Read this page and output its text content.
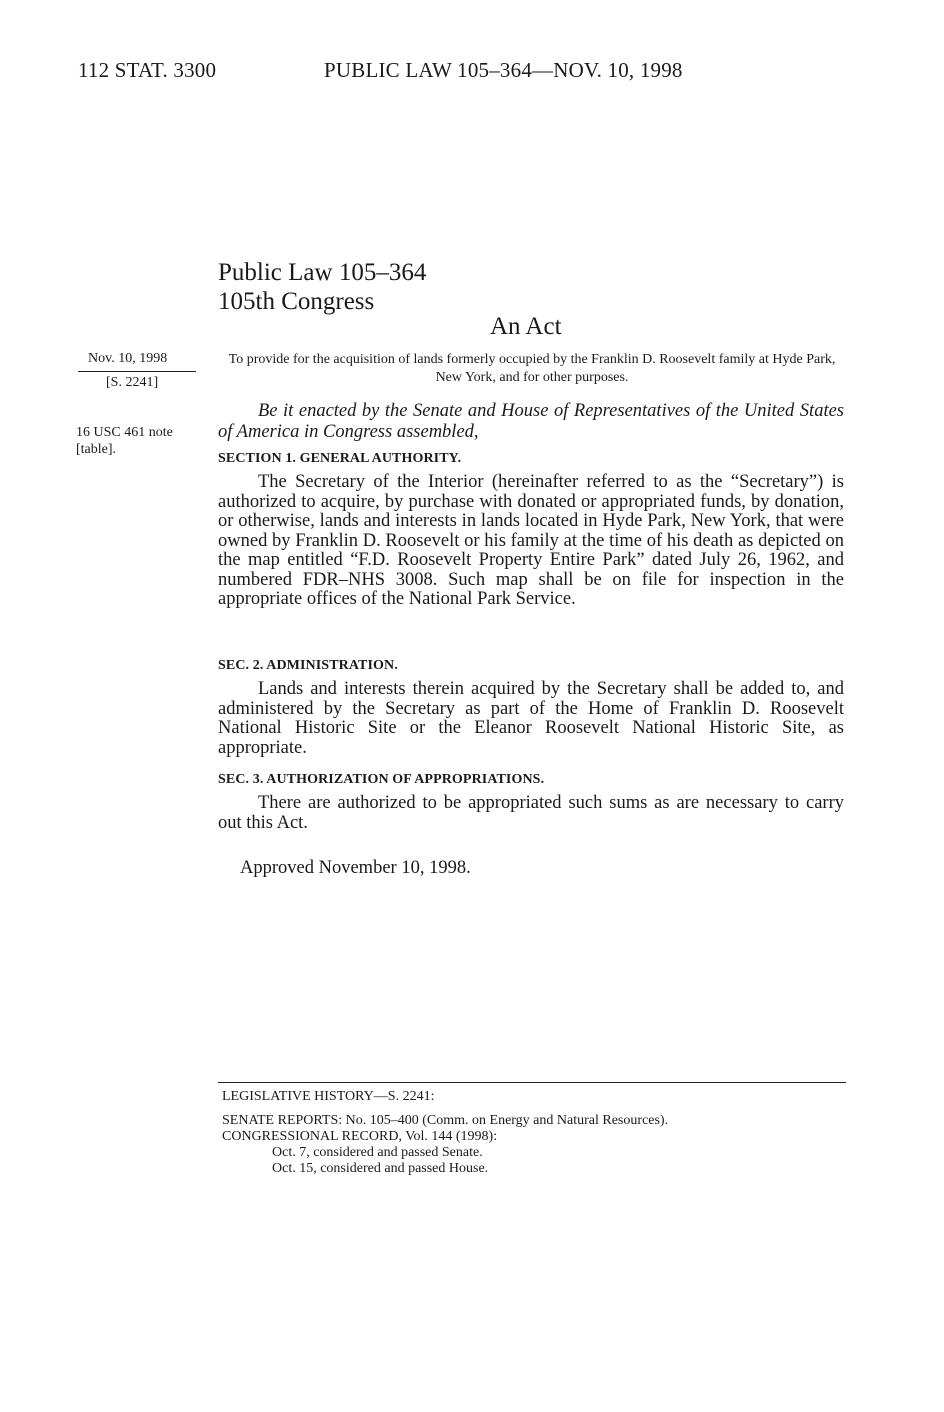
112 STAT. 3300	PUBLIC LAW 105–364—NOV. 10, 1998
Public Law 105–364
105th Congress
An Act
Nov. 10, 1998
[S. 2241]
16 USC 461 note
[table].
To provide for the acquisition of lands formerly occupied by the Franklin D. Roosevelt family at Hyde Park, New York, and for other purposes.
Be it enacted by the Senate and House of Representatives of the United States of America in Congress assembled,

SECTION 1. GENERAL AUTHORITY.

The Secretary of the Interior (hereinafter referred to as the “Secretary”) is authorized to acquire, by purchase with donated or appropriated funds, by donation, or otherwise, lands and interests in lands located in Hyde Park, New York, that were owned by Franklin D. Roosevelt or his family at the time of his death as depicted on the map entitled “F.D. Roosevelt Property Entire Park” dated July 26, 1962, and numbered FDR–NHS 3008. Such map shall be on file for inspection in the appropriate offices of the National Park Service.

SEC. 2. ADMINISTRATION.

Lands and interests therein acquired by the Secretary shall be added to, and administered by the Secretary as part of the Home of Franklin D. Roosevelt National Historic Site or the Eleanor Roosevelt National Historic Site, as appropriate.

SEC. 3. AUTHORIZATION OF APPROPRIATIONS.

There are authorized to be appropriated such sums as are necessary to carry out this Act.

Approved November 10, 1998.
LEGISLATIVE HISTORY—S. 2241:
SENATE REPORTS: No. 105–400 (Comm. on Energy and Natural Resources).
CONGRESSIONAL RECORD, Vol. 144 (1998):
Oct. 7, considered and passed Senate.
Oct. 15, considered and passed House.
